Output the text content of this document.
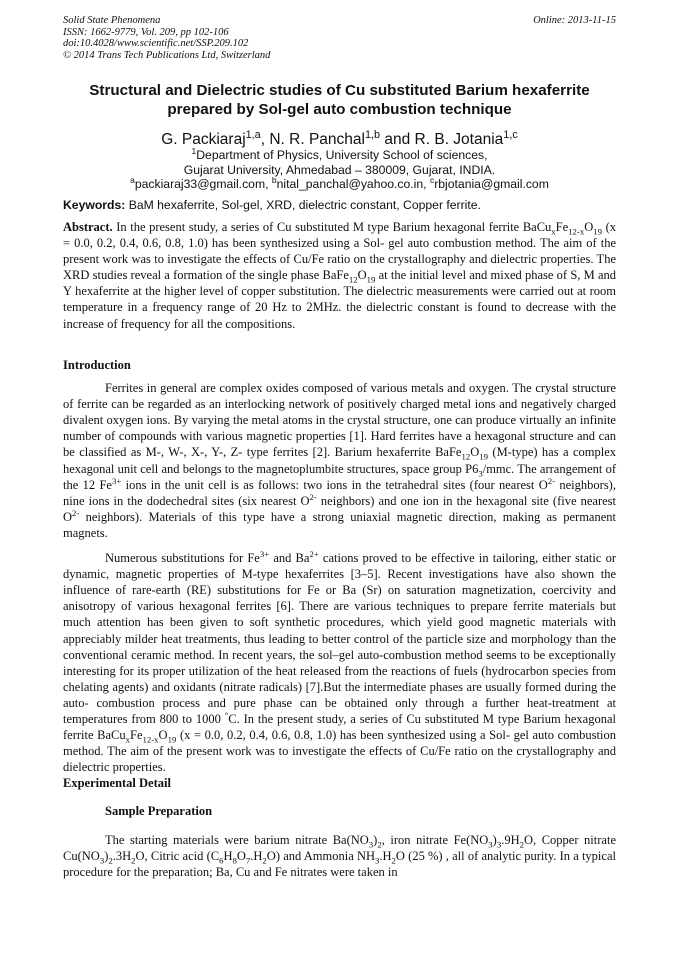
Solid State Phenomena
ISSN: 1662-9779, Vol. 209, pp 102-106
doi:10.4028/www.scientific.net/SSP.209.102
© 2014 Trans Tech Publications Ltd, Switzerland
Online: 2013-11-15
Structural and Dielectric studies of Cu substituted Barium hexaferrite prepared by Sol-gel auto combustion technique
G. Packiaraj$^{1,a}$, N. R. Panchal$^{1,b}$ and R. B. Jotania$^{1,c}$
$^1$Department of Physics, University School of sciences,
Gujarat University, Ahmedabad – 380009, Gujarat, INDIA.
$^a$packiaraj33@gmail.com, $^b$nital_panchal@yahoo.co.in, $^c$rbjotania@gmail.com
Keywords: BaM hexaferrite, Sol-gel, XRD, dielectric constant, Copper ferrite.

Abstract. In the present study, a series of Cu substituted M type Barium hexagonal ferrite $BaCu_xFe_{12-x}O_{19}$ (x = 0.0, 0.2, 0.4, 0.6, 0.8, 1.0) has been synthesized using a Sol- gel auto combustion method. The aim of the present work was to investigate the effects of Cu/Fe ratio on the crystallography and dielectric properties. The XRD studies reveal a formation of the single phase $BaFe_{12}O_{19}$ at the initial level and mixed phase of S, M and Y hexaferrite at the higher level of copper substitution. The dielectric measurements were carried out at room temperature in a frequency range of 20 Hz to 2MHz. the dielectric constant is found to decrease with the increase of frequency for all the compositions.

Introduction

Ferrites in general are complex oxides composed of various metals and oxygen. The crystal structure of ferrite can be regarded as an interlocking network of positively charged metal ions and negatively charged divalent oxygen ions. By varying the metal atoms in the crystal structure, one can produce virtually an infinite number of compounds with various magnetic properties [1]. Hard ferrites have a hexagonal structure and can be classified as M-, W-, X-, Y-, Z- type ferrites [2]. Barium hexaferrite $BaFe_{12}O_{19}$ (M-type) has a complex hexagonal unit cell and belongs to the magnetoplumbite structures, space group $P6_3$/mmc. The arrangement of the 12 $Fe^{3+}$ ions in the unit cell is as follows: two ions in the tetrahedral sites (four nearest $O^{2-}$ neighbors), nine ions in the dodechedral sites (six nearest $O^{2-}$ neighbors) and one ion in the hexagonal site (five nearest $O^{2-}$ neighbors). Materials of this type have a strong uniaxial magnetic direction, making as permanent magnets.

Numerous substitutions for $Fe^{3+}$ and $Ba^{2+}$ cations proved to be effective in tailoring, either static or dynamic, magnetic properties of M-type hexaferrites [3–5]. Recent investigations have also shown the influence of rare-earth (RE) substitutions for Fe or Ba (Sr) on saturation magnetization, coercivity and anisotropy of various hexagonal ferrites [6]. There are various techniques to prepare ferrite materials but much attention has been given to soft synthetic procedures, which yield good magnetic materials with appreciably milder heat treatments, thus leading to better control of the particle size and morphology than the conventional ceramic method. In recent years, the sol–gel auto-combustion method seems to be exceptionally interesting for its proper utilization of the heat released from the reactions of fuels (hydrocarbon species from chelating agents) and oxidants (nitrate radicals) [7].But the intermediate phases are usually formed during the auto- combustion process and pure phase can be obtained only through a further heat-treatment at temperatures from 800 to 1000 °C. In the present study, a series of Cu substituted M type Barium hexagonal ferrite $BaCu_xFe_{12-x}O_{19}$ (x = 0.0, 0.2, 0.4, 0.6, 0.8, 1.0) has been synthesized using a Sol- gel auto combustion method. The aim of the present work was to investigate the effects of Cu/Fe ratio on the crystallography and dielectric properties.

Experimental Detail
Sample Preparation

The starting materials were barium nitrate $Ba(NO_3)_2$, iron nitrate $Fe(NO_3)_3.9H_2O$, Copper nitrate $Cu(NO_3)_2.3H_2O$, Citric acid $(C_6H_8O_7.H_2O)$ and Ammonia $NH_3.H_2O$ (25 %) , all of analytic purity. In a typical procedure for the preparation; Ba, Cu and Fe nitrates were taken in
